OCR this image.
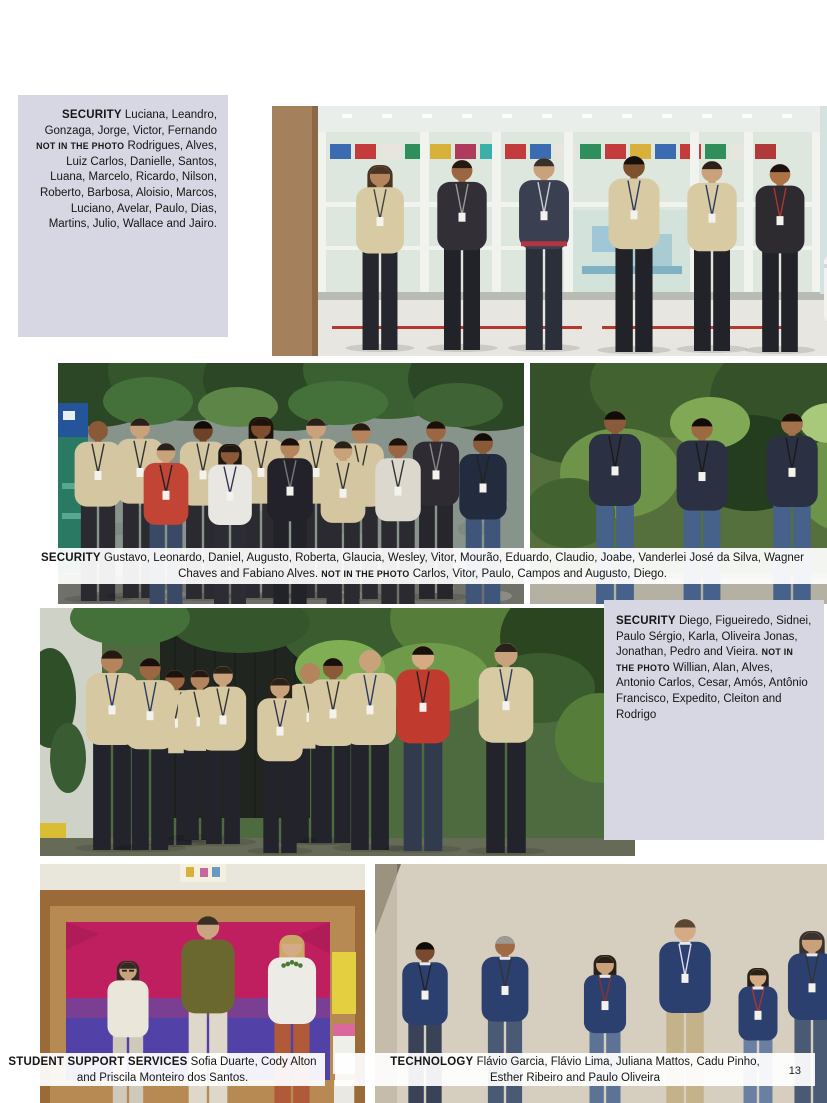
SECURITY Luciana, Leandro, Gonzaga, Jorge, Victor, Fernando NOT IN THE PHOTO Rodrigues, Alves, Luiz Carlos, Danielle, Santos, Luana, Marcelo, Ricardo, Nilson, Roberto, Barbosa, Aloisio, Marcos, Luciano, Avelar, Paulo, Dias, Martins, Julio, Wallace and Jairo.
SECURITY Gustavo, Leonardo, Daniel, Augusto, Roberta, Glaucia, Wesley, Vitor, Mourão, Eduardo, Claudio, Joabe, Vanderlei José da Silva, Wagner Chaves and Fabiano Alves. NOT IN THE PHOTO Carlos, Vitor, Paulo, Campos and Augusto, Diego.
SECURITY Diego, Figueiredo, Sidnei, Paulo Sérgio, Karla, Oliveira Jonas, Jonathan, Pedro and Vieira. NOT IN THE PHOTO Willian, Alan, Alves, Antonio Carlos, Cesar, Amós, Antônio Francisco, Expedito, Cleiton and Rodrigo
STUDENT SUPPORT SERVICES Sofia Duarte, Cody Alton and Priscila Monteiro dos Santos.
TECHNOLOGY Flávio Garcia, Flávio Lima, Juliana Mattos, Cadu Pinho, Esther Ribeiro and Paulo Oliveira
13
